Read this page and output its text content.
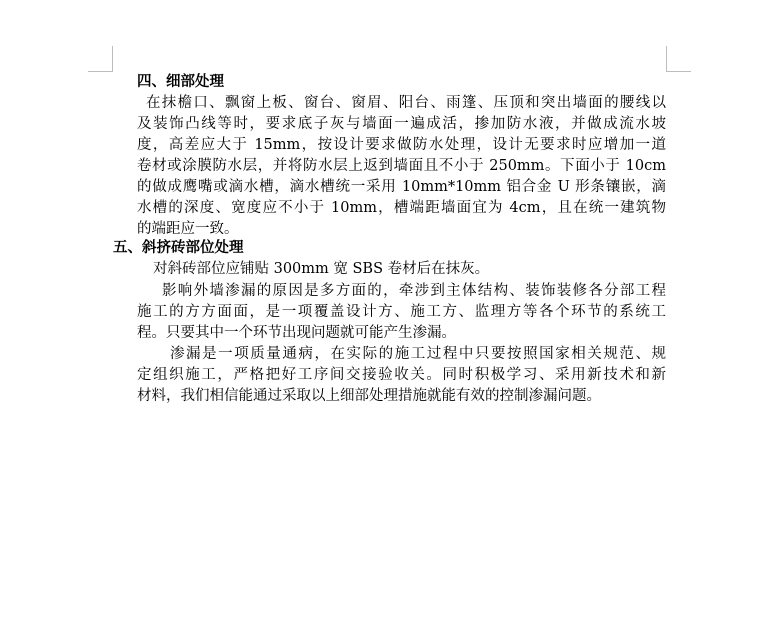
四、细部处理
在抹檐口、飘窗上板、窗台、窗眉、阳台、雨篷、压顶和突出墙面的腰线以
及装饰凸线等时，要求底子灰与墙面一遍成活，掺加防水液，并做成流水坡
度，高差应大于 15mm，按设计要求做防水处理，设计无要求时应增加一道
卷材或涂膜防水层，并将防水层上返到墙面且不小于 250mm。下面小于 10cm
的做成鹰嘴或滴水槽，滴水槽统一采用 10mm*10mm 铝合金 U 形条镶嵌，滴
水槽的深度、宽度应不小于 10mm，槽端距墙面宜为 4cm，且在统一建筑物
的端距应一致。
五、斜挤砖部位处理
对斜砖部位应铺贴 300mm 宽 SBS 卷材后在抹灰。
影响外墙渗漏的原因是多方面的，牵涉到主体结构、装饰装修各分部工程
施工的方方面面，是一项覆盖设计方、施工方、监理方等各个环节的系统工
程。只要其中一个环节出现问题就可能产生渗漏。
渗漏是一项质量通病，在实际的施工过程中只要按照国家相关规范、规
定组织施工，严格把好工序间交接验收关。同时积极学习、采用新技术和新
材料，我们相信能通过采取以上细部处理措施就能有效的控制渗漏问题。
